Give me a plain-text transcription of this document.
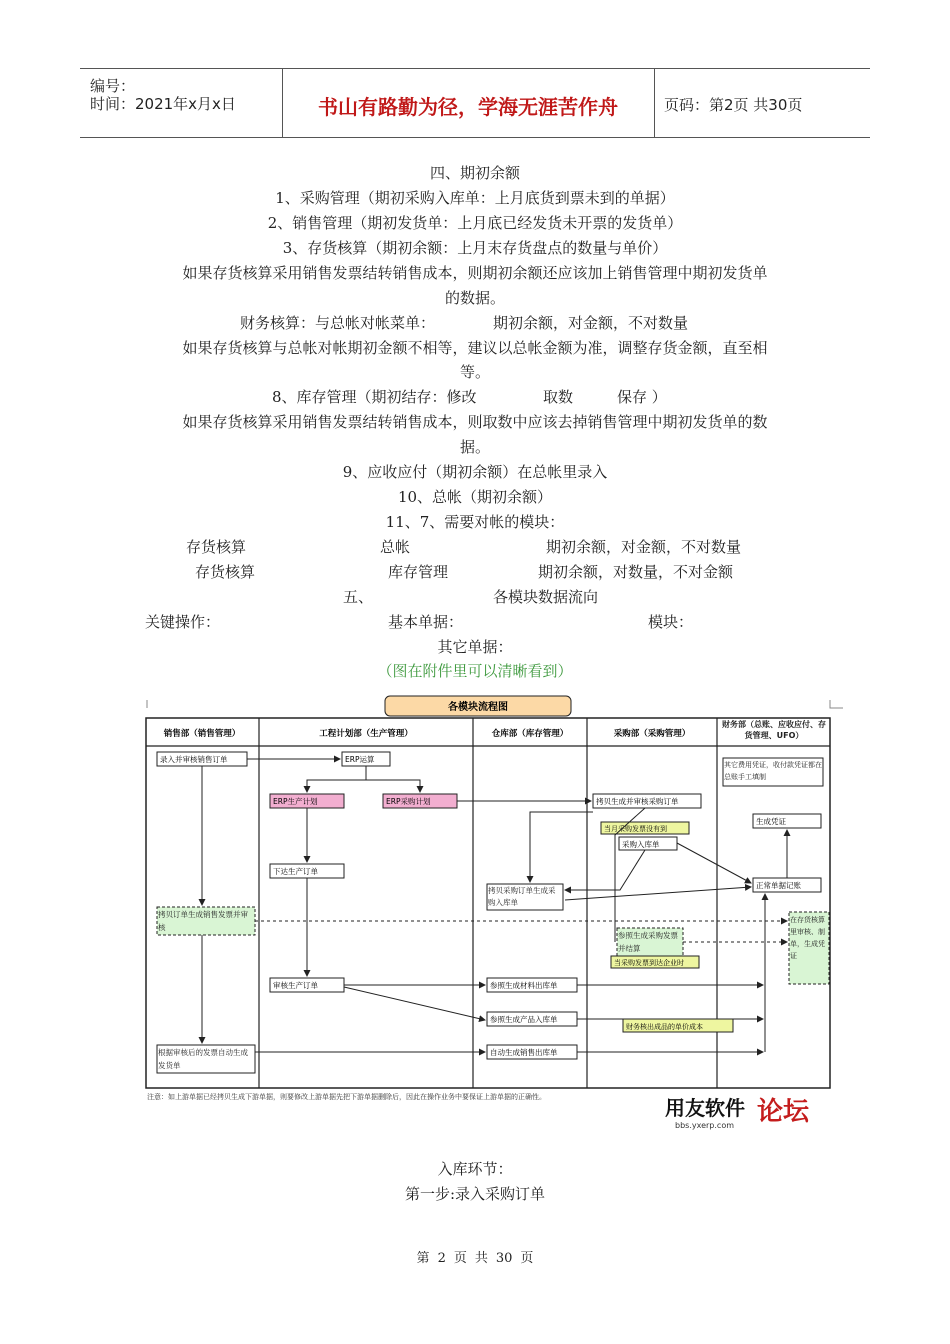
编号：
时间：2021年x月x日	书山有路勤为径，学海无涯苦作舟	页码：第2页 共30页
四、期初余额
1、采购管理（期初采购入库单：上月底货到票未到的单据）
2、销售管理（期初发货单：上月底已经发货未开票的发货单）
3、存货核算（期初余额：上月末存货盘点的数量与单价）
如果存货核算采用销售发票结转销售成本，则期初余额还应该加上销售管理中期初发货单
的数据。
财务核算：与总帐对帐菜单：	期初余额，对金额，不对数量
如果存货核算与总帐对帐期初金额不相等，建议以总帐金额为准，调整存货金额，直至相
等。
8、库存管理（期初结存：修改	取数	保存 ）
如果存货核算采用销售发票结转销售成本，则取数中应该去掉销售管理中期初发货单的数
据。
9、应收应付（期初余额）在总帐里录入
10、总帐（期初余额）
11、7、需要对帐的模块：
存货核算	总帐	期初余额，对金额，不对数量
存货核算	库存管理	期初余额，对数量，不对金额
五、	各模块数据流向
关键操作：	基本单据：	模块：
其它单据：
（图在附件里可以清晰看到）
各模块流程图
销售部（销售管理）	工程计划部（生产管理）	仓库部（库存管理）	采购部（采购管理）
财务部（总账、应收应付、存货管理、UFO）
录入并审核销售订单	ERP运算
ERP生产计划	ERP采购计划	拷贝生成并审核采购订单
当月采购发票没有到
采购入库单
下达生产订单
拷贝采购订单生成采购入库单
拷贝订单生成销售发票并审核
参照生成采购发票并结算
当采购发票到达企业时
审核生产订单	参照生成材料出库单
参照生成产品入库单
财务核出成品的单价成本
根据审核后的发票自动生成发货单
自动生成销售出库单
其它费用凭证，收付款凭证都在总账手工填制
生成凭证
正常单据记账
在存货核算里审核、制单，生成凭证
注意：如上游单据已经拷贝生成下游单据，则要修改上游单据先把下游单据删除后，因此在操作业务中要保证上游单据的正确性。	用友软件 论坛
bbs.yxerp.com
入库环节：
第一步:录入采购订单
第 2 页 共 30 页
